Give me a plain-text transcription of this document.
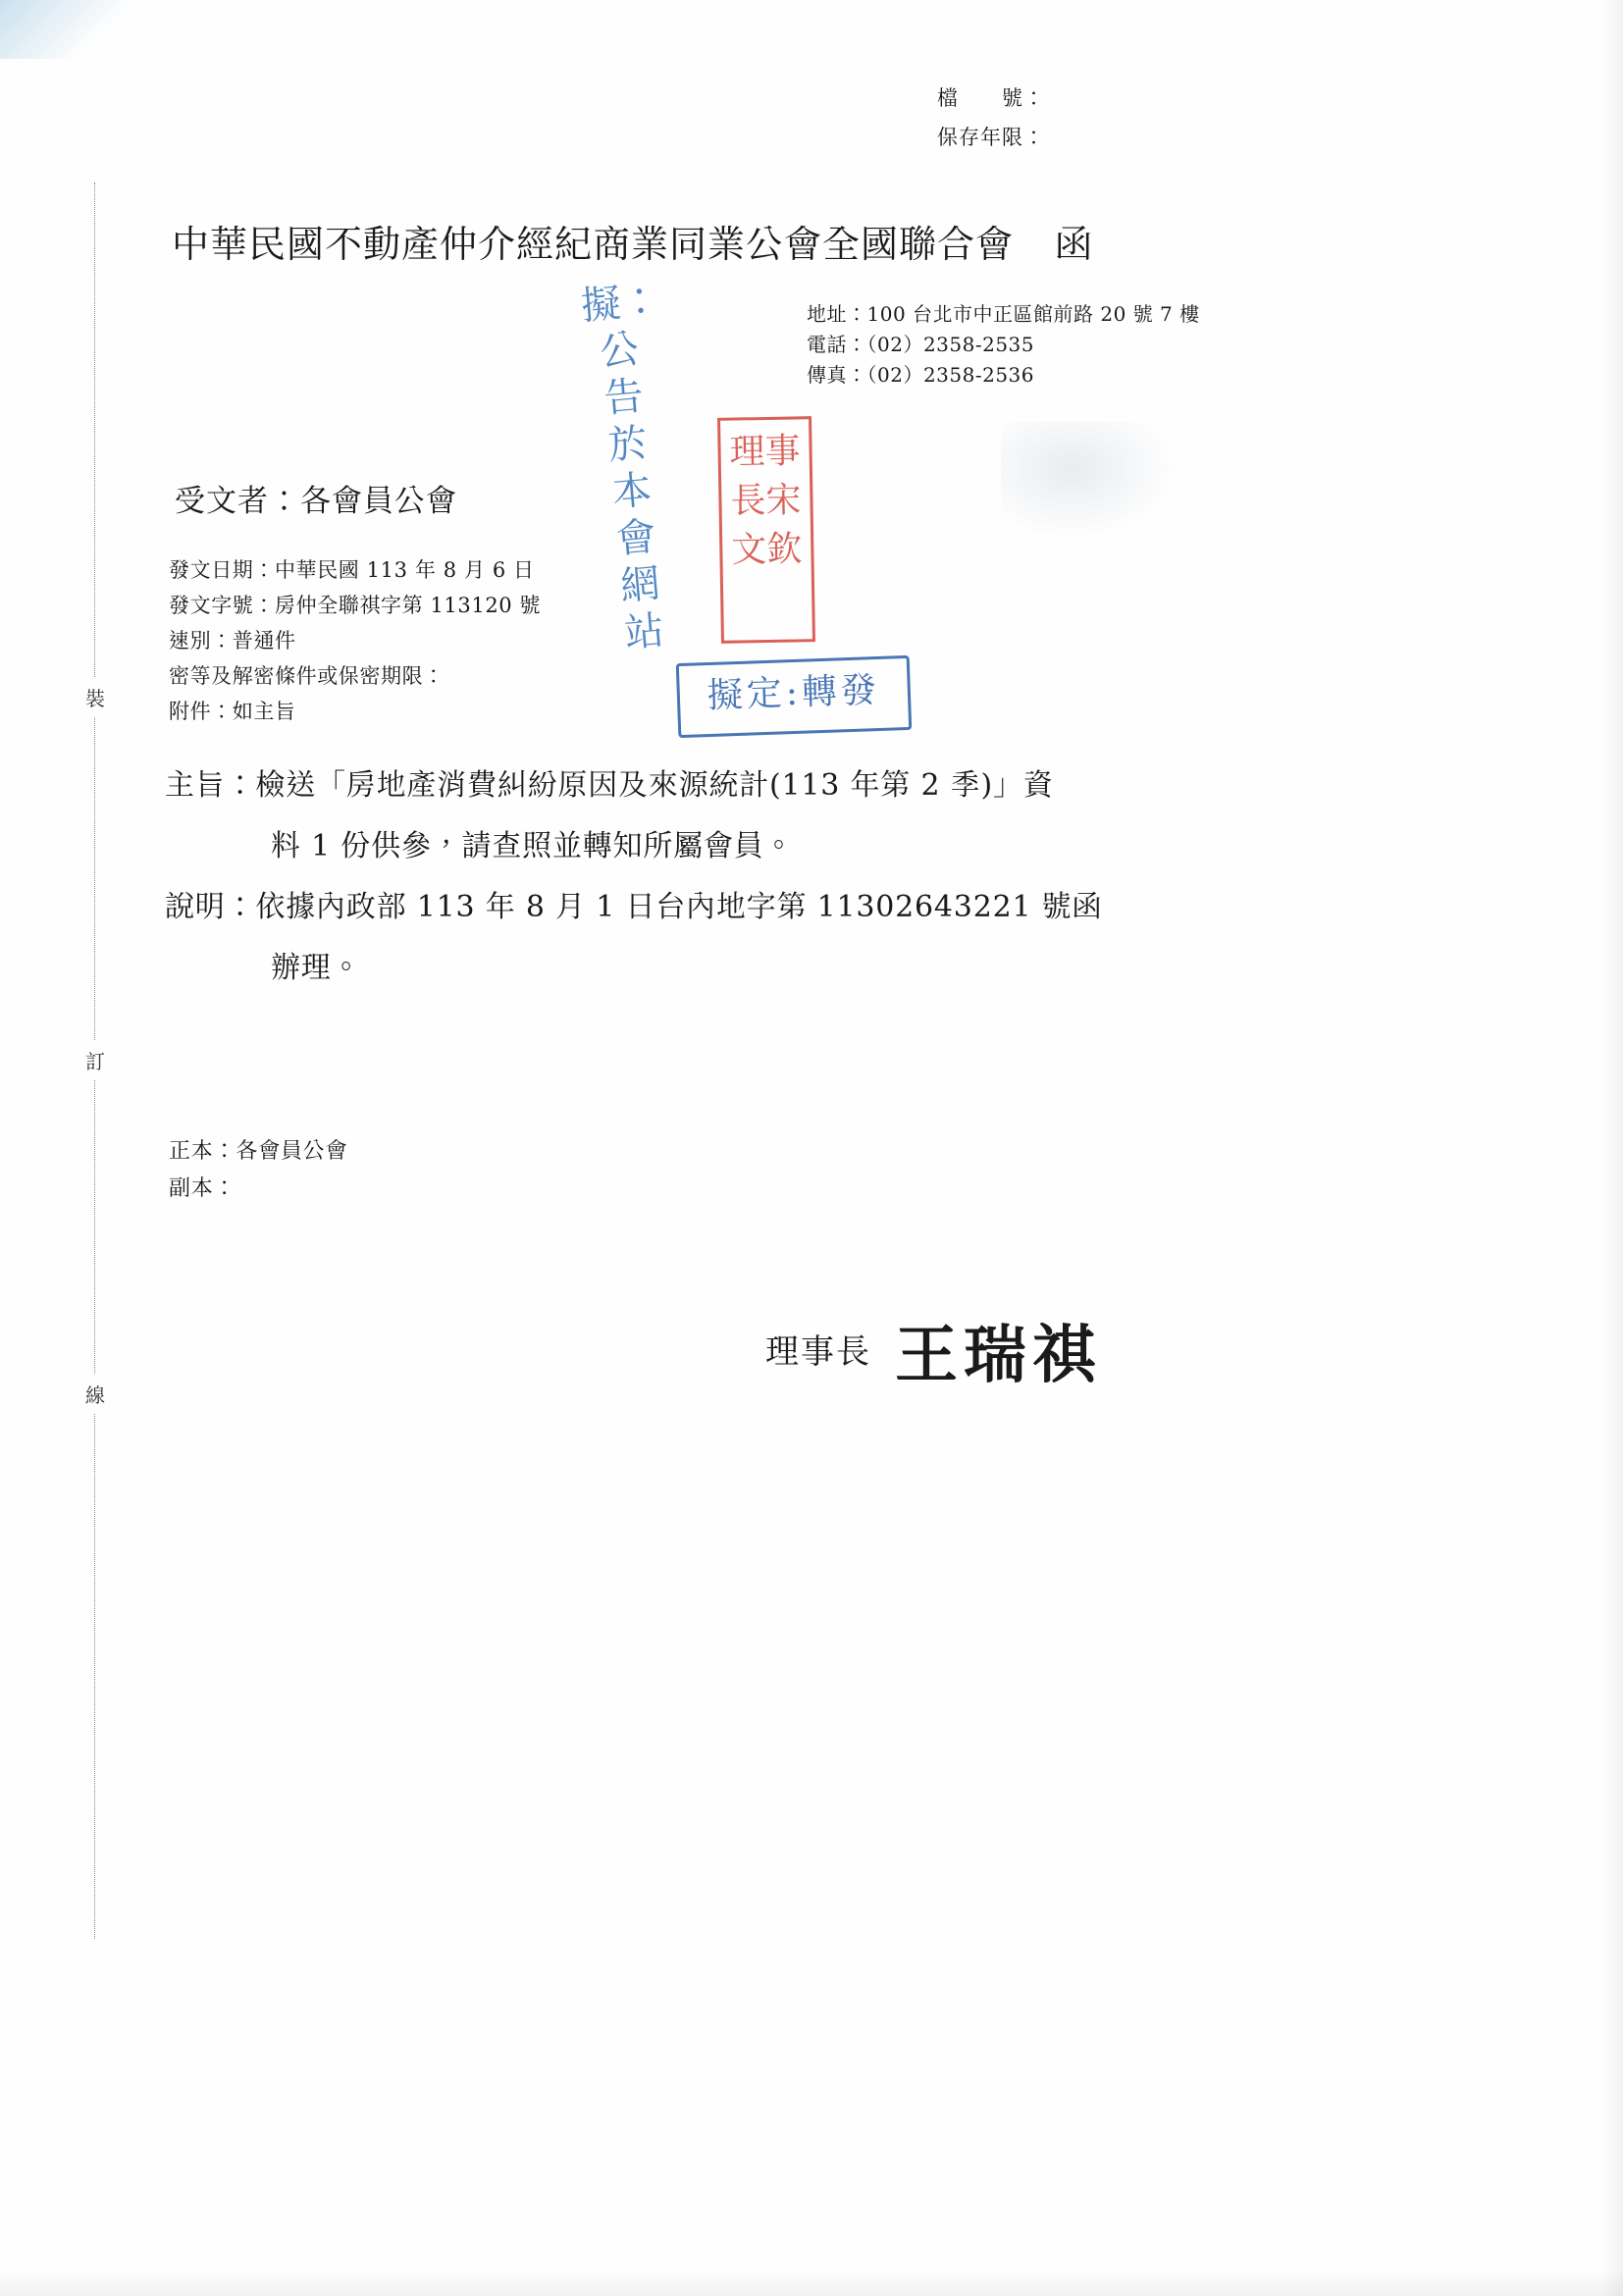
檔　　號：
保存年限：
裝
訂
線
中華民國不動產仲介經紀商業同業公會全國聯合會 函
地址：100 台北市中正區館前路 20 號 7 樓
電話：（02）2358-2535
傳真：（02）2358-2536
受文者：各會員公會
發文日期：中華民國 113 年 8 月 6 日
發文字號：房仲全聯祺字第 113120 號
速別：普通件
密等及解密條件或保密期限：
附件：如主旨
主旨：檢送「房地產消費糾紛原因及來源統計(113 年第 2 季)」資
料 1 份供參，請查照並轉知所屬會員。
說明：依據內政部 113 年 8 月 1 日台內地字第 11302643221 號函
辦理。
正本：各會員公會
副本：
理事長 王瑞祺
擬：公告於本會網站
理事長宋文欽
擬定:轉發
